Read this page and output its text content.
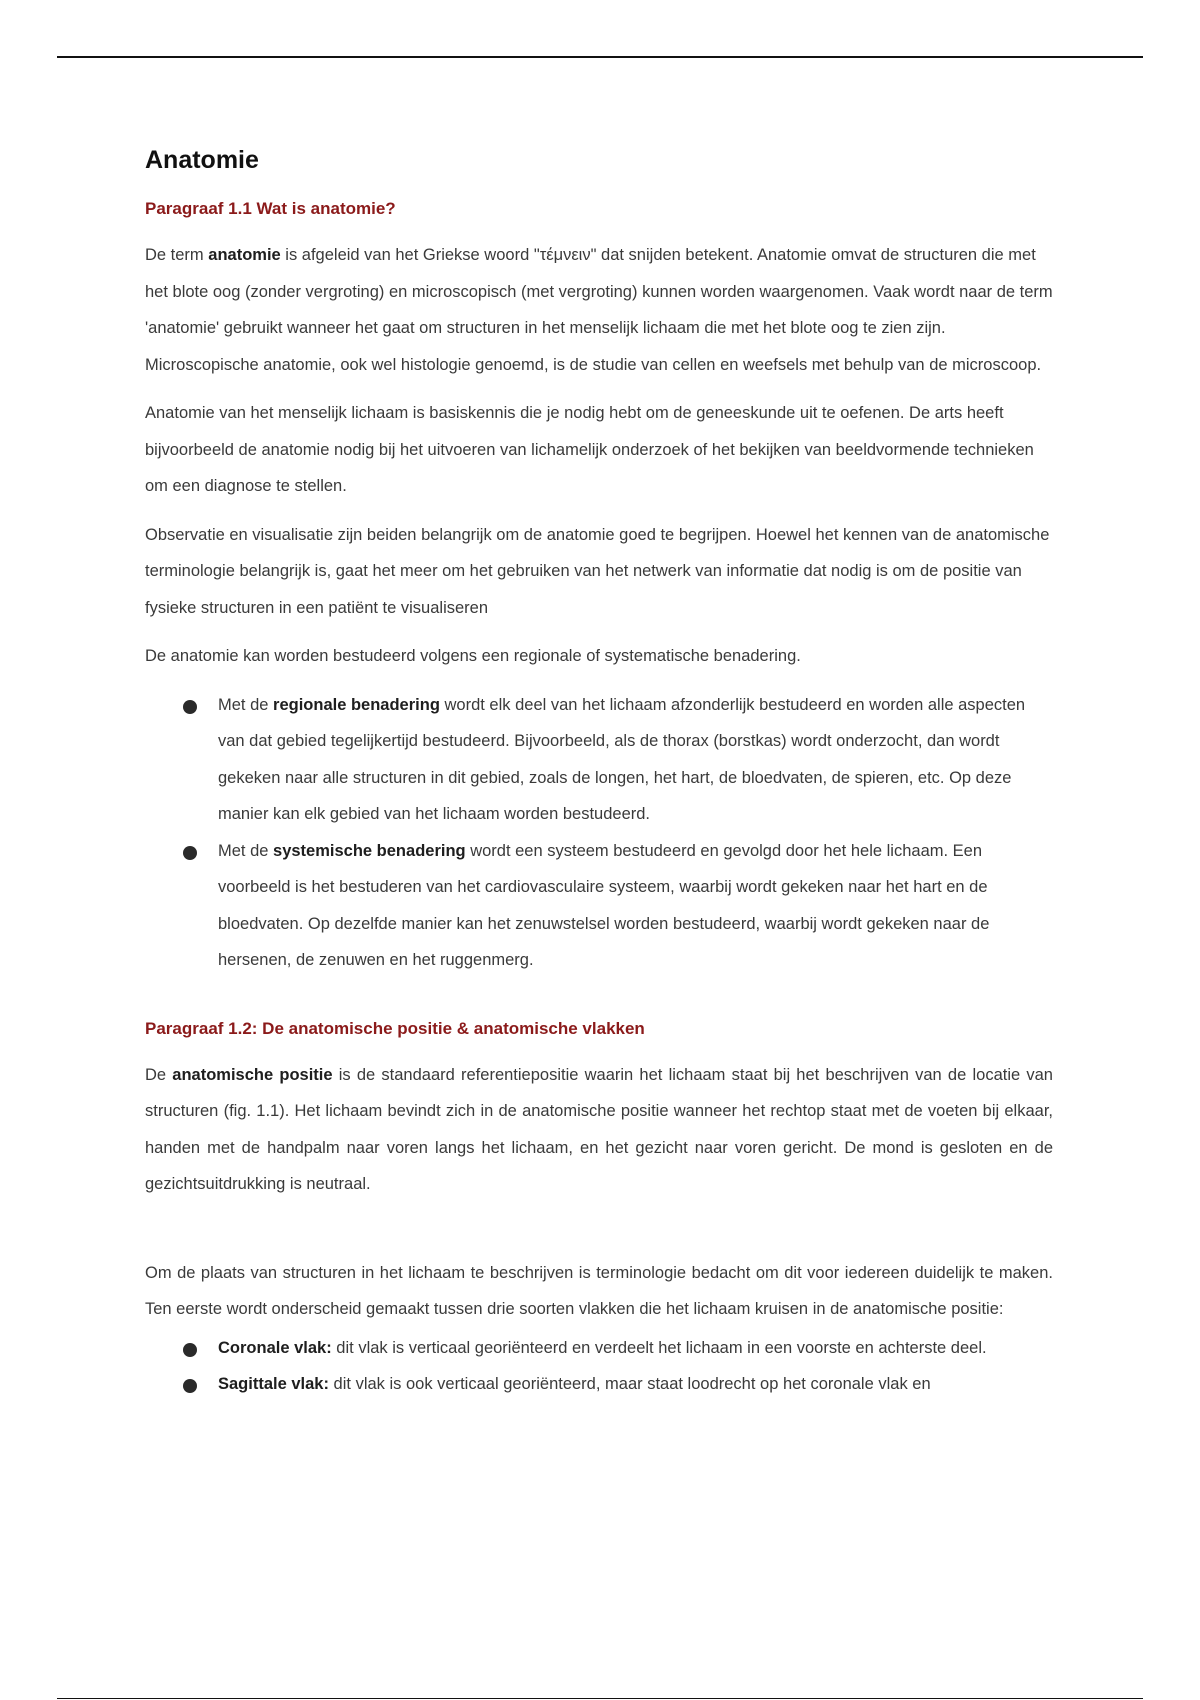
Anatomie
Paragraaf 1.1 Wat is anatomie?

De term anatomie is afgeleid van het Griekse woord "τέμνειν" dat snijden betekent. Anatomie omvat de structuren die met het blote oog (zonder vergroting) en microscopisch (met vergroting) kunnen worden waargenomen. Vaak wordt naar de term 'anatomie' gebruikt wanneer het gaat om structuren in het menselijk lichaam die met het blote oog te zien zijn. Microscopische anatomie, ook wel histologie genoemd, is de studie van cellen en weefsels met behulp van de microscoop.

Anatomie van het menselijk lichaam is basiskennis die je nodig hebt om de geneeskunde uit te oefenen. De arts heeft bijvoorbeeld de anatomie nodig bij het uitvoeren van lichamelijk onderzoek of het bekijken van beeldvormende technieken om een diagnose te stellen.

Observatie en visualisatie zijn beiden belangrijk om de anatomie goed te begrijpen. Hoewel het kennen van de anatomische terminologie belangrijk is, gaat het meer om het gebruiken van het netwerk van informatie dat nodig is om de positie van fysieke structuren in een patiënt te visualiseren

De anatomie kan worden bestudeerd volgens een regionale of systematische benadering.

Met de regionale benadering wordt elk deel van het lichaam afzonderlijk bestudeerd en worden alle aspecten van dat gebied tegelijkertijd bestudeerd. Bijvoorbeeld, als de thorax (borstkas) wordt onderzocht, dan wordt gekeken naar alle structuren in dit gebied, zoals de longen, het hart, de bloedvaten, de spieren, etc. Op deze manier kan elk gebied van het lichaam worden bestudeerd.
Met de systemische benadering wordt een systeem bestudeerd en gevolgd door het hele lichaam. Een voorbeeld is het bestuderen van het cardiovasculaire systeem, waarbij wordt gekeken naar het hart en de bloedvaten. Op dezelfde manier kan het zenuwstelsel worden bestudeerd, waarbij wordt gekeken naar de hersenen, de zenuwen en het ruggenmerg.
Paragraaf 1.2: De anatomische positie & anatomische vlakken

De anatomische positie is de standaard referentiepositie waarin het lichaam staat bij het beschrijven van de locatie van structuren (fig. 1.1). Het lichaam bevindt zich in de anatomische positie wanneer het rechtop staat met de voeten bij elkaar, handen met de handpalm naar voren langs het lichaam, en het gezicht naar voren gericht. De mond is gesloten en de gezichtsuitdrukking is neutraal.

Om de plaats van structuren in het lichaam te beschrijven is terminologie bedacht om dit voor iedereen duidelijk te maken. Ten eerste wordt onderscheid gemaakt tussen drie soorten vlakken die het lichaam kruisen in de anatomische positie:

Coronale vlak: dit vlak is verticaal georiënteerd en verdeelt het lichaam in een voorste en achterste deel.
Sagittale vlak: dit vlak is ook verticaal georiënteerd, maar staat loodrecht op het coronale vlak en
